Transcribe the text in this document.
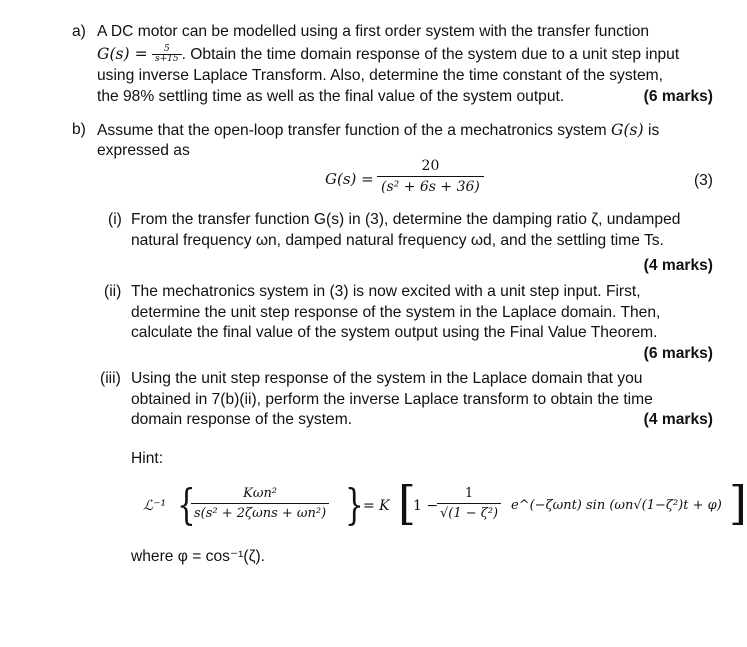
a) A DC motor can be modelled using a first order system with the transfer function
$G(s) = \frac{5}{s+15}$ . Obtain the time domain response of the system due to a unit step input
using inverse Laplace Transform. Also, determine the time constant of the system,
the 98% settling time as well as the final value of the system output.	(6 marks)
b) Assume that the open-loop transfer function of the a mechatronics system G(s) is
expressed as
$G(s) = \frac{20}{\text{(s² + 6s + 36)}}$	(3)
(i) From the transfer function G(s) in (3), determine the damping ratio ζ, undamped
natural frequency ωn, damped natural frequency ωd, and the settling time Ts.
(4 marks)
(ii) The mechatronics system in (3) is now excited with a unit step input. First,
determine the unit step response of the system in the Laplace domain. Then,
calculate the final value of the system output using the Final Value Theorem.
(6 marks)
(iii) Using the unit step response of the system in the Laplace domain that you
obtained in 7(b)(ii), perform the inverse Laplace transform to obtain the time
domain response of the system.	(4 marks)
Hint:
ℒ⁻¹ {
$\frac{\text{Kωn²}}{\text{s(s² + 2ζωns + ωn²)}}$ } = K [
1 −
$\frac{1}{\text{√(1 − ζ²)}}$ e^(−ζωnt) sin (ωn√(1−ζ²)t + φ) ]
where φ = cos⁻¹(ζ).
